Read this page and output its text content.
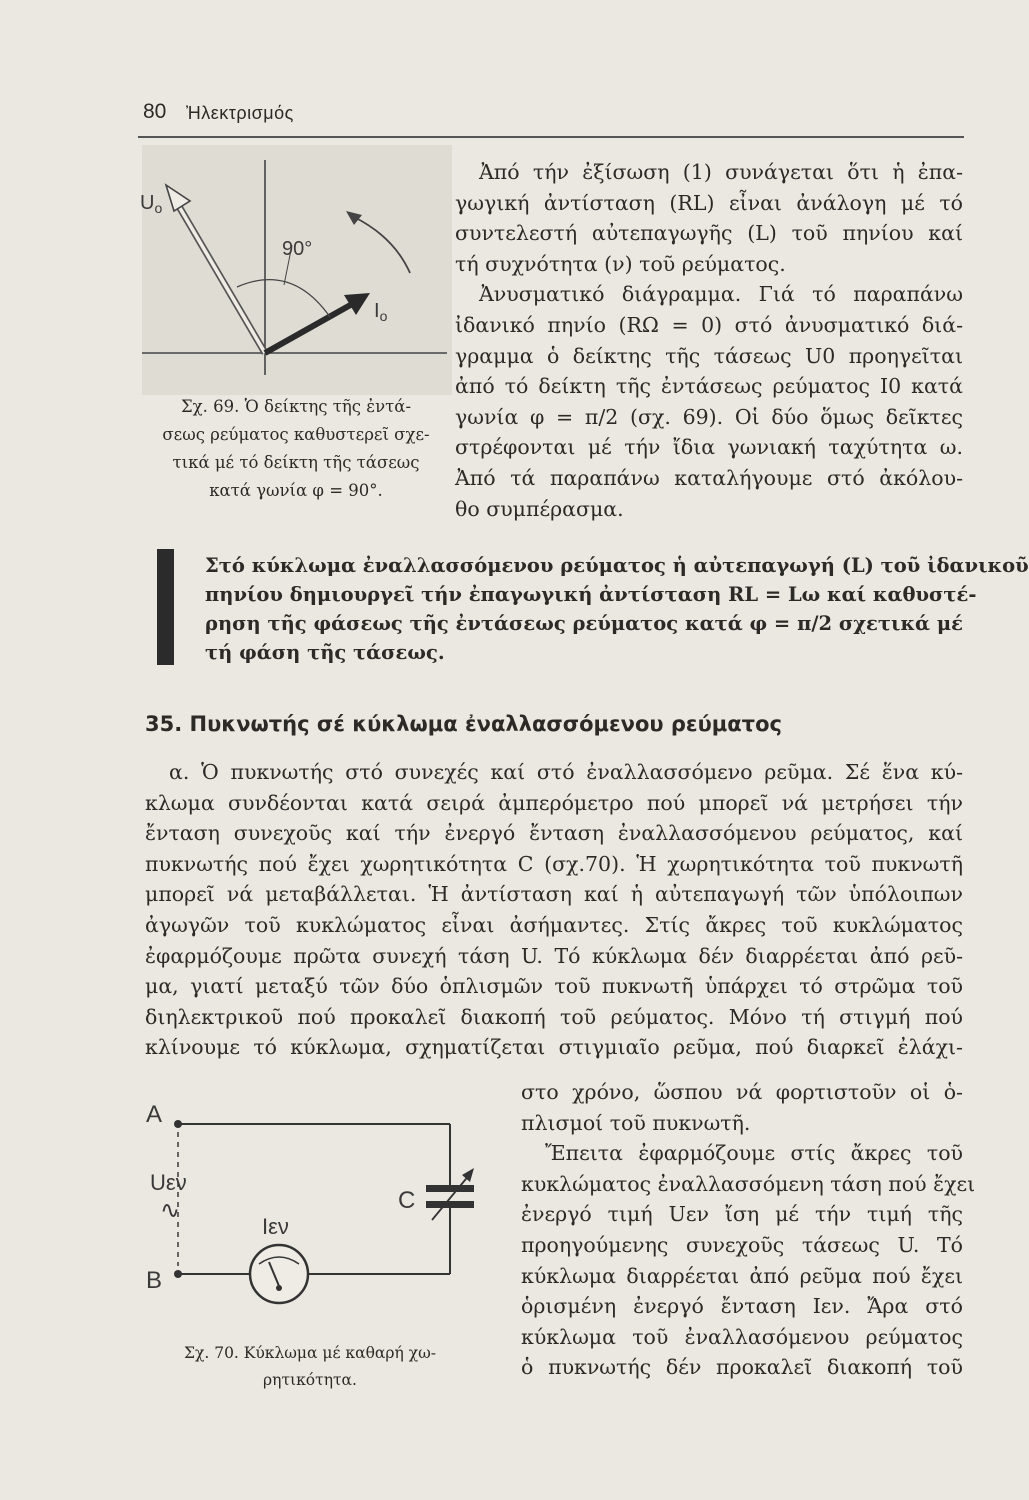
80 Ἠλεκτρισμός
$U_o$
90°
$I_o$
Σχ. 69. Ὁ δείκτης τῆς ἐντά-
σεως ρεύματος καθυστερεῖ σχε-
τικά μέ τό δείκτη τῆς τάσεως
κατά γωνία φ = 90°.
Ἀπό τήν ἐξίσωση (1) συνάγεται ὅτι ἡ ἐπα-
γωγική ἀντίσταση (RL) εἶναι ἀνάλογη μέ τό
συντελεστή αὐτεπαγωγῆς (L) τοῦ πηνίου καί
τή συχνότητα (ν) τοῦ ρεύματος.
Ἀνυσματικό διάγραμμα. Γιά τό παραπάνω
ἰδανικό πηνίο (RΩ = 0) στό ἀνυσματικό διά-
γραμμα ὁ δείκτης τῆς τάσεως U0 προηγεῖται
ἀπό τό δείκτη τῆς ἐντάσεως ρεύματος I0 κατά
γωνία φ = π/2 (σχ. 69). Οἱ δύο ὅμως δεῖκτες
στρέφονται μέ τήν ἴδια γωνιακή ταχύτητα ω.
Ἀπό τά παραπάνω καταλήγουμε στό ἀκόλου-
θο συμπέρασμα.
Στό κύκλωμα ἐναλλασσόμενου ρεύματος ἡ αὐτεπαγωγή (L) τοῦ ἰδανικοῦ
πηνίου δημιουργεῖ τήν ἐπαγωγική ἀντίσταση RL = Lω καί καθυστέ-
ρηση τῆς φάσεως τῆς ἐντάσεως ρεύματος κατά φ = π/2 σχετικά μέ
τή φάση τῆς τάσεως.
35. Πυκνωτής σέ κύκλωμα ἐναλλασσόμενου ρεύματος
α. Ὁ πυκνωτής στό συνεχές καί στό ἐναλλασσόμενο ρεῦμα. Σέ ἕνα κύ-
κλωμα συνδέονται κατά σειρά ἀμπερόμετρο πού μπορεῖ νά μετρήσει τήν
ἔνταση συνεχοῦς καί τήν ἐνεργό ἔνταση ἐναλλασσόμενου ρεύματος, καί
πυκνωτής πού ἔχει χωρητικότητα C (σχ.70). Ἡ χωρητικότητα τοῦ πυκνωτῆ
μπορεῖ νά μεταβάλλεται. Ἡ ἀντίσταση καί ἡ αὐτεπαγωγή τῶν ὑπόλοιπων
ἀγωγῶν τοῦ κυκλώματος εἶναι ἀσήμαντες. Στίς ἄκρες τοῦ κυκλώματος
ἐφαρμόζουμε πρῶτα συνεχή τάση U. Τό κύκλωμα δέν διαρρέεται ἀπό ρεῦ-
μα, γιατί μεταξύ τῶν δύο ὁπλισμῶν τοῦ πυκνωτῆ ὑπάρχει τό στρῶμα τοῦ
διηλεκτρικοῦ πού προκαλεῖ διακοπή τοῦ ρεύματος. Μόνο τή στιγμή πού
κλίνουμε τό κύκλωμα, σχηματίζεται στιγμιαῖο ρεῦμα, πού διαρκεῖ ἐλάχι-
στο χρόνο, ὥσπου νά φορτιστοῦν οἱ ὁ-
πλισμοί τοῦ πυκνωτῆ.
Ἔπειτα ἐφαρμόζουμε στίς ἄκρες τοῦ
κυκλώματος ἐναλλασσόμενη τάση πού ἔχει
ἐνεργό τιμή Uεν ἴση μέ τήν τιμή τῆς
προηγούμενης συνεχοῦς τάσεως U. Τό
κύκλωμα διαρρέεται ἀπό ρεῦμα πού ἔχει
ὁρισμένη ἐνεργό ἔνταση Iεν. Ἄρα στό
κύκλωμα τοῦ ἐναλλασόμενου ρεύματος
ὁ πυκνωτής δέν προκαλεῖ διακοπή τοῦ
A
B
Uεν
∿	C
Iεν
Σχ. 70. Κύκλωμα μέ καθαρή χω-
ρητικότητα.
